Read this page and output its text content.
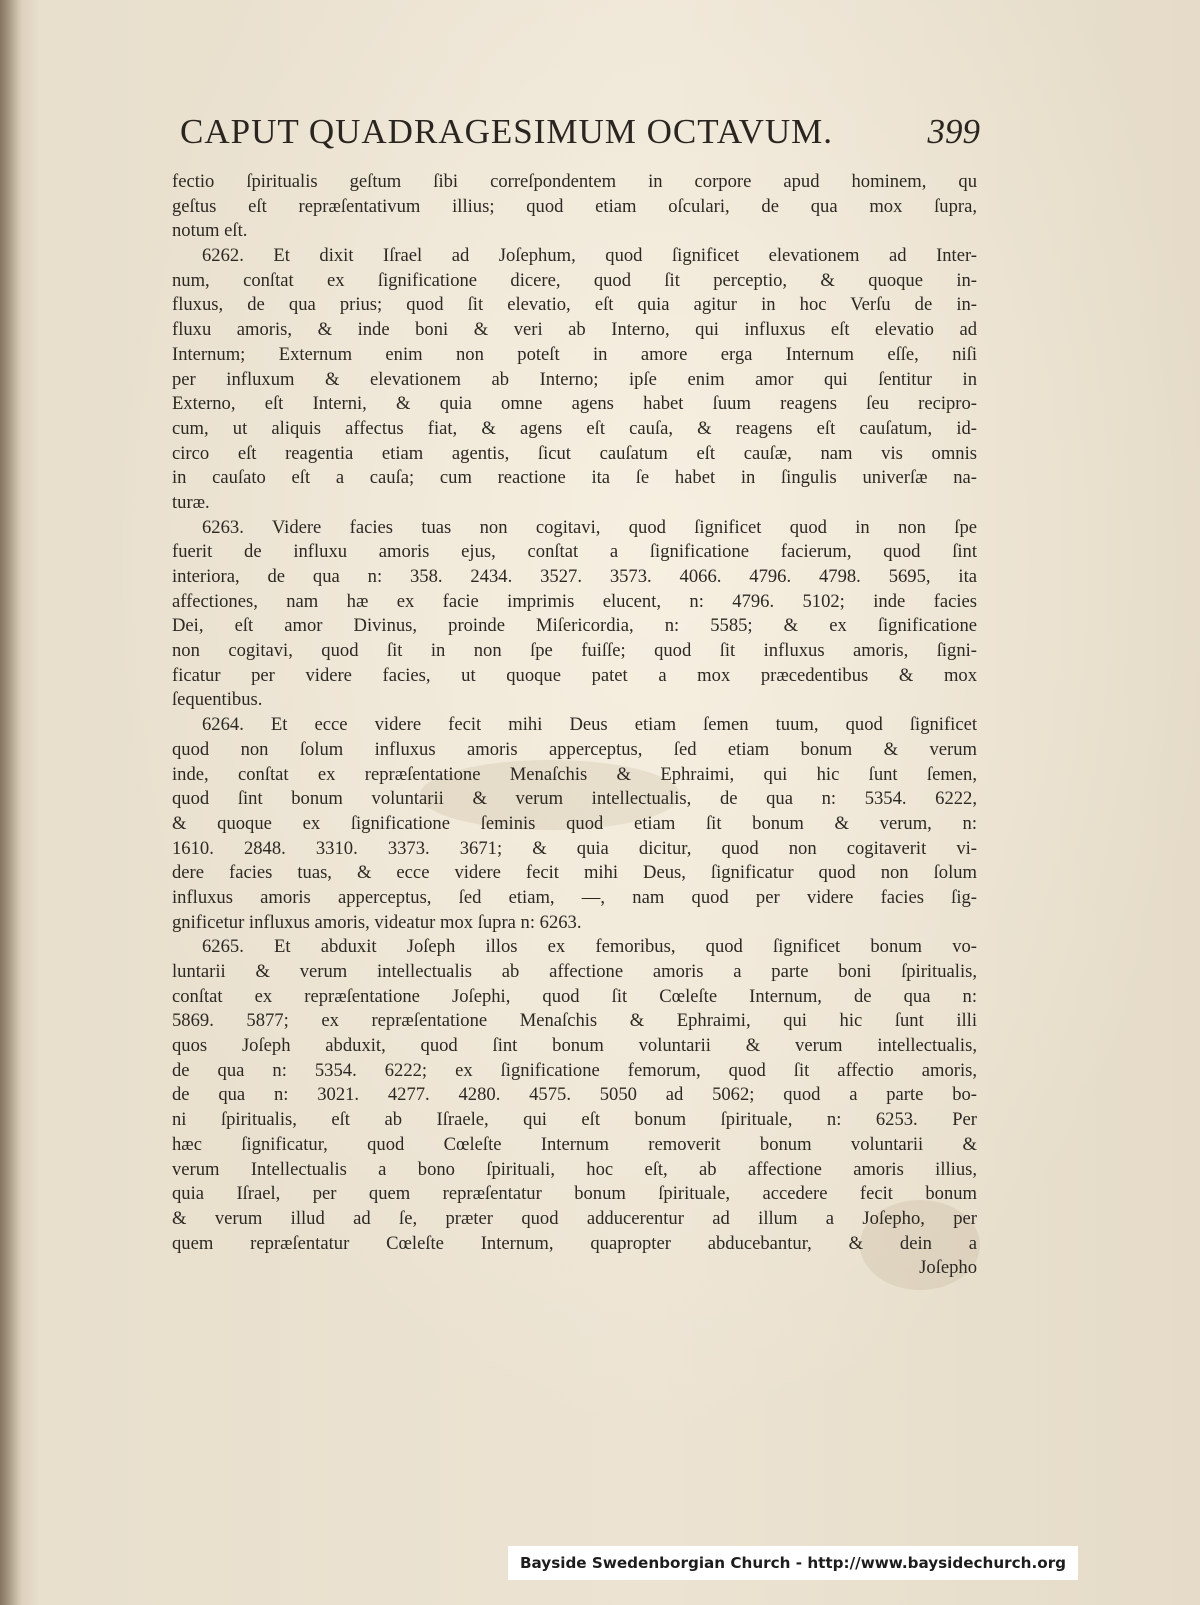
CAPUT QUADRAGESIMUM OCTAVUM.	399
fectio ſpiritualis geſtum ſibi correſpondentem in corpore apud hominem, qu
geſtus eſt repræſentativum illius; quod etiam oſculari, de qua mox ſupra,
notum eſt.
6262. Et dixit Iſrael ad Joſephum, quod ſignificet elevationem ad Inter-
num, conſtat ex ſignificatione dicere, quod ſit perceptio, & quoque in-
fluxus, de qua prius; quod ſit elevatio, eſt quia agitur in hoc Verſu de in-
fluxu amoris, & inde boni & veri ab Interno, qui influxus eſt elevatio ad
Internum; Externum enim non poteſt in amore erga Internum eſſe, niſi
per influxum & elevationem ab Interno; ipſe enim amor qui ſentitur in
Externo, eſt Interni, & quia omne agens habet ſuum reagens ſeu recipro-
cum, ut aliquis affectus fiat, & agens eſt cauſa, & reagens eſt cauſatum, id-
circo eſt reagentia etiam agentis, ſicut cauſatum eſt cauſæ, nam vis omnis
in cauſato eſt a cauſa; cum reactione ita ſe habet in ſingulis univerſæ na-
turæ.
6263. Videre facies tuas non cogitavi, quod ſignificet quod in non ſpe
fuerit de influxu amoris ejus, conſtat a ſignificatione facierum, quod ſint
interiora, de qua n: 358. 2434. 3527. 3573. 4066. 4796. 4798. 5695, ita
affectiones, nam hæ ex facie imprimis elucent, n: 4796. 5102; inde facies
Dei, eſt amor Divinus, proinde Miſericordia, n: 5585; & ex ſignificatione
non cogitavi, quod ſit in non ſpe fuiſſe; quod ſit influxus amoris, ſigni-
ficatur per videre facies, ut quoque patet a mox præcedentibus & mox
ſequentibus.
6264. Et ecce videre fecit mihi Deus etiam ſemen tuum, quod ſignificet
quod non ſolum influxus amoris apperceptus, ſed etiam bonum & verum
inde, conſtat ex repræſentatione Menaſchis & Ephraimi, qui hic ſunt ſemen,
quod ſint bonum voluntarii & verum intellectualis, de qua n: 5354. 6222,
& quoque ex ſignificatione ſeminis quod etiam ſit bonum & verum, n:
1610. 2848. 3310. 3373. 3671; & quia dicitur, quod non cogitaverit vi-
dere facies tuas, & ecce videre fecit mihi Deus, ſignificatur quod non ſolum
influxus amoris apperceptus, ſed etiam, —, nam quod per videre facies ſig-
gnificetur influxus amoris, videatur mox ſupra n: 6263.
6265. Et abduxit Joſeph illos ex femoribus, quod ſignificet bonum vo-
luntarii & verum intellectualis ab affectione amoris a parte boni ſpiritualis,
conſtat ex repræſentatione Joſephi, quod ſit Cœleſte Internum, de qua n:
5869. 5877; ex repræſentatione Menaſchis & Ephraimi, qui hic ſunt illi
quos Joſeph abduxit, quod ſint bonum voluntarii & verum intellectualis,
de qua n: 5354. 6222; ex ſignificatione femorum, quod ſit affectio amoris,
de qua n: 3021. 4277. 4280. 4575. 5050 ad 5062; quod a parte bo-
ni ſpiritualis, eſt ab Iſraele, qui eſt bonum ſpirituale, n: 6253. Per
hæc ſignificatur, quod Cœleſte Internum removerit bonum voluntarii &
verum Intellectualis a bono ſpirituali, hoc eſt, ab affectione amoris illius,
quia Iſrael, per quem repræſentatur bonum ſpirituale, accedere fecit bonum
& verum illud ad ſe, præter quod adducerentur ad illum a Joſepho, per
quem repræſentatur Cœleſte Internum, quapropter abducebantur, & dein a
Joſepho
Bayside Swedenborgian Church - http://www.baysidechurch.org
